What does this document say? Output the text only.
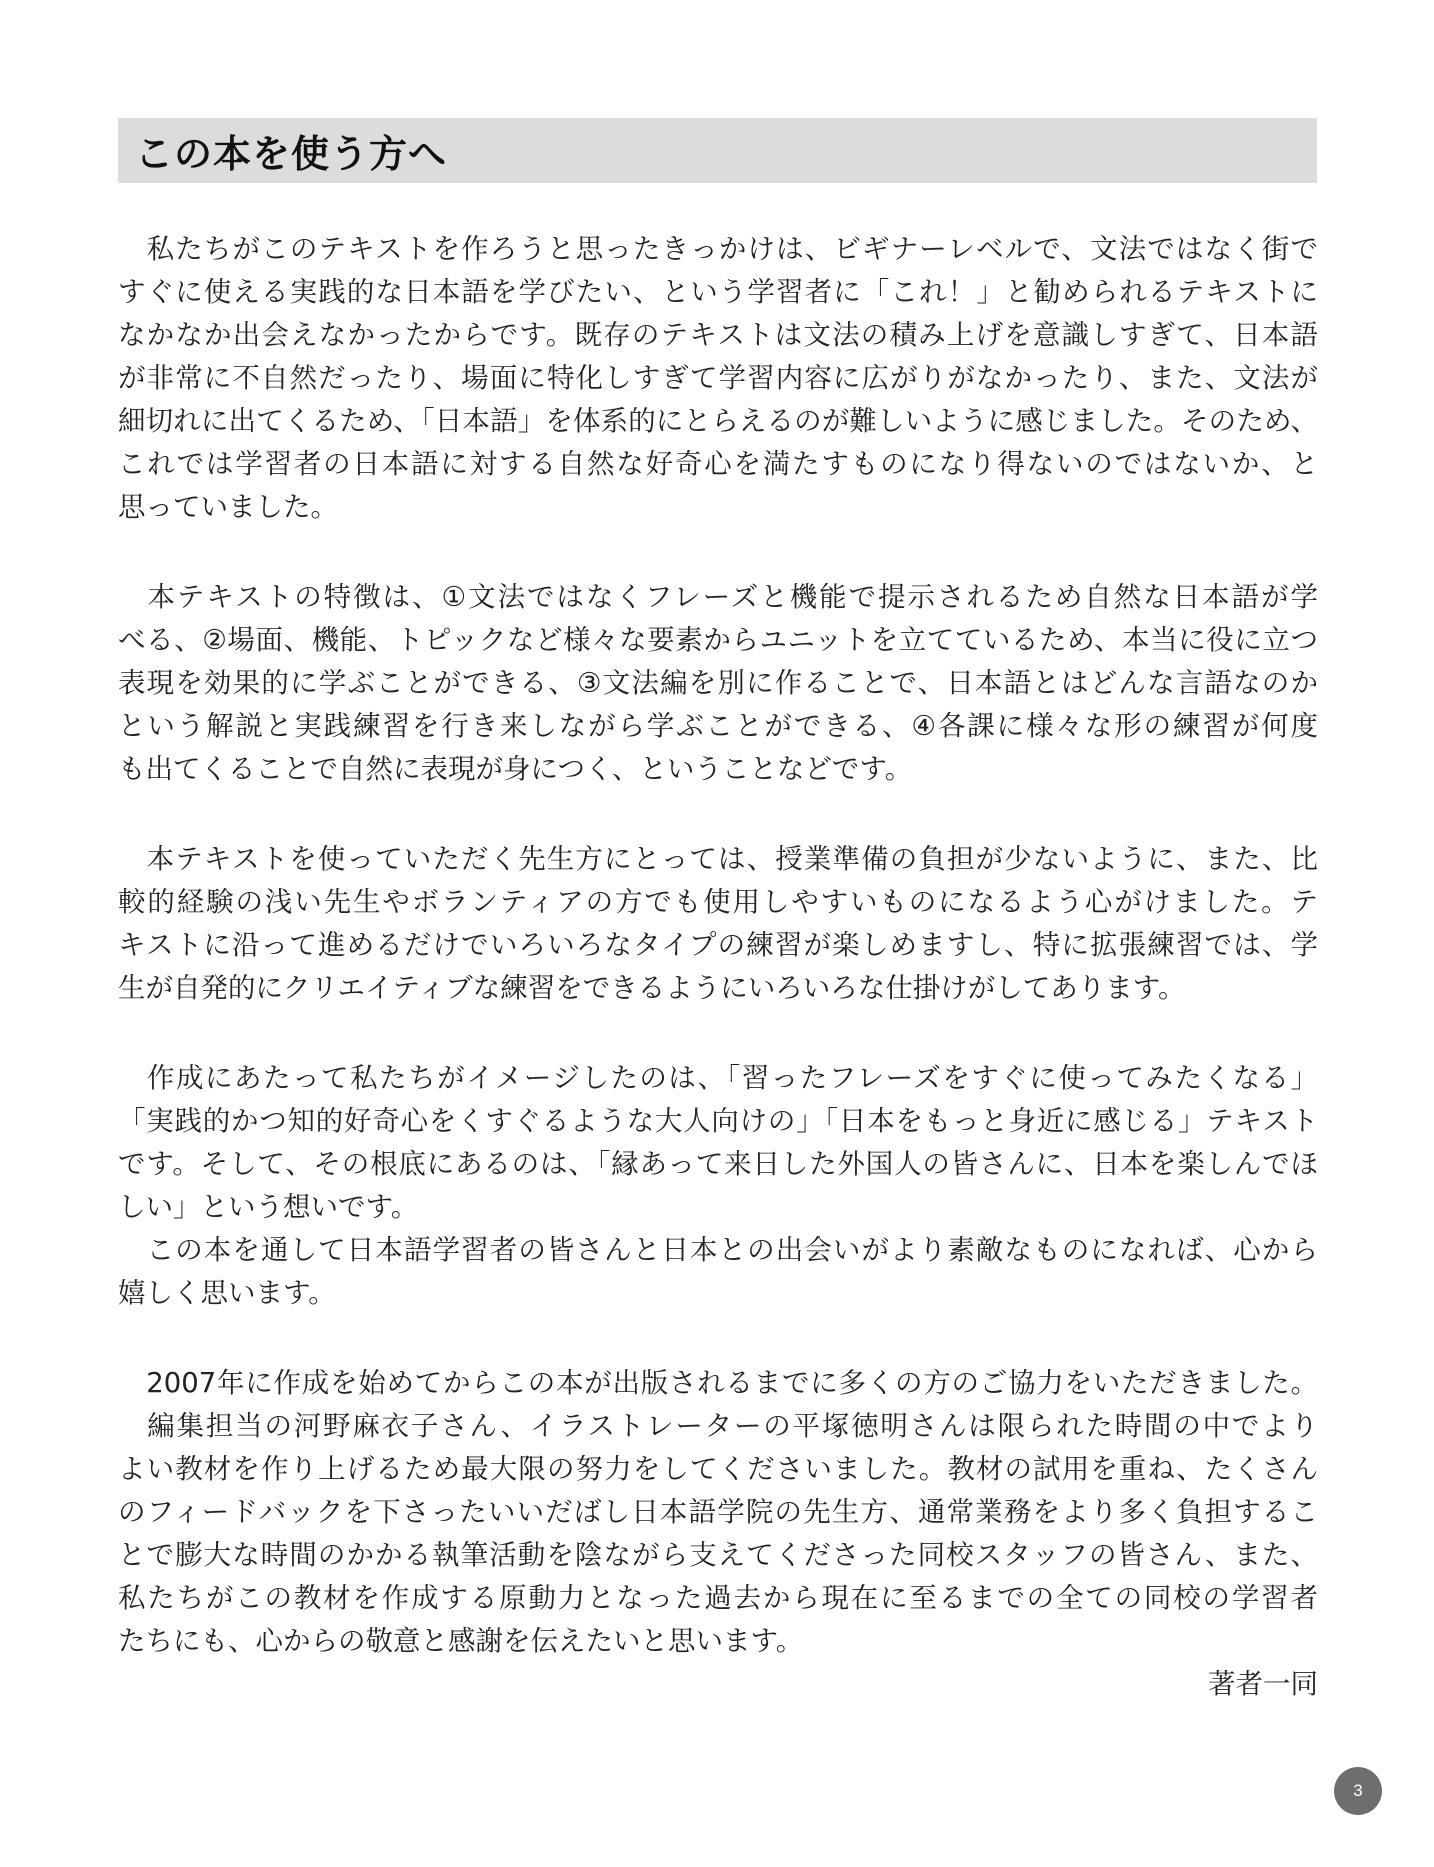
この本を使う方へ
　私たちがこのテキストを作ろうと思ったきっかけは、ビギナーレベルで、文法ではなく街で
すぐに使える実践的な日本語を学びたい、という学習者に「これ！」と勧められるテキストに
なかなか出会えなかったからです。既存のテキストは文法の積み上げを意識しすぎて、日本語
が非常に不自然だったり、場面に特化しすぎて学習内容に広がりがなかったり、また、文法が
細切れに出てくるため、「日本語」を体系的にとらえるのが難しいように感じました。そのため、
これでは学習者の日本語に対する自然な好奇心を満たすものになり得ないのではないか、と
思っていました。
　本テキストの特徴は、①文法ではなくフレーズと機能で提示されるため自然な日本語が学
べる、②場面、機能、トピックなど様々な要素からユニットを立てているため、本当に役に立つ
表現を効果的に学ぶことができる、③文法編を別に作ることで、日本語とはどんな言語なのか
という解説と実践練習を行き来しながら学ぶことができる、④各課に様々な形の練習が何度
も出てくることで自然に表現が身につく、ということなどです。
　本テキストを使っていただく先生方にとっては、授業準備の負担が少ないように、また、比
較的経験の浅い先生やボランティアの方でも使用しやすいものになるよう心がけました。テ
キストに沿って進めるだけでいろいろなタイプの練習が楽しめますし、特に拡張練習では、学
生が自発的にクリエイティブな練習をできるようにいろいろな仕掛けがしてあります。
　作成にあたって私たちがイメージしたのは、「習ったフレーズをすぐに使ってみたくなる」
「実践的かつ知的好奇心をくすぐるような大人向けの」「日本をもっと身近に感じる」テキスト
です。そして、その根底にあるのは、「縁あって来日した外国人の皆さんに、日本を楽しんでほ
しい」という想いです。
　この本を通して日本語学習者の皆さんと日本との出会いがより素敵なものになれば、心から
嬉しく思います。
　2007年に作成を始めてからこの本が出版されるまでに多くの方のご協力をいただきました。
　編集担当の河野麻衣子さん、イラストレーターの平塚徳明さんは限られた時間の中でより
よい教材を作り上げるため最大限の努力をしてくださいました。教材の試用を重ね、たくさん
のフィードバックを下さったいいだばし日本語学院の先生方、通常業務をより多く負担するこ
とで膨大な時間のかかる執筆活動を陰ながら支えてくださった同校スタッフの皆さん、また、
私たちがこの教材を作成する原動力となった過去から現在に至るまでの全ての同校の学習者
たちにも、心からの敬意と感謝を伝えたいと思います。
著者一同
3
